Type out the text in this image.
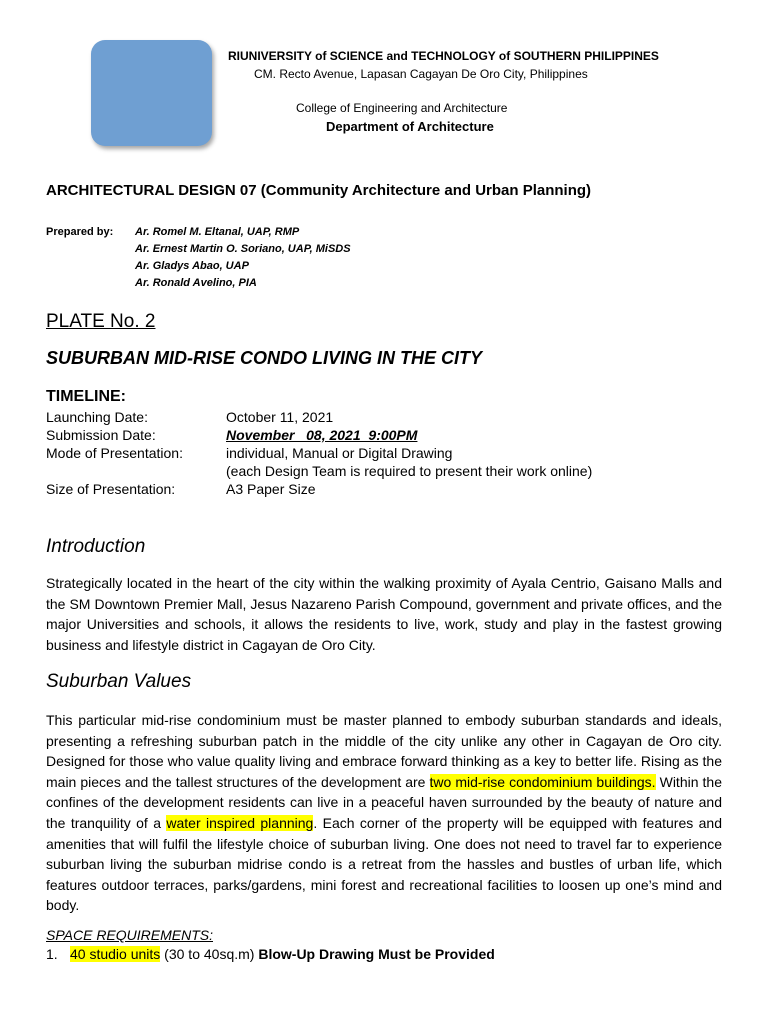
RIUNIVERSITY of SCIENCE and TECHNOLOGY of SOUTHERN PHILIPPINES
CM. Recto Avenue, Lapasan Cagayan De Oro City, Philippines
College of Engineering and Architecture
Department of Architecture
ARCHITECTURAL DESIGN 07 (Community Architecture and Urban Planning)
Prepared by: Ar. Romel M. Eltanal, UAP, RMP
Ar. Ernest Martin O. Soriano, UAP, MiSDS
Ar. Gladys Abao, UAP
Ar. Ronald Avelino, PIA
PLATE No. 2
SUBURBAN MID-RISE CONDO LIVING IN THE CITY
TIMELINE:
Launching Date:	October 11, 2021
Submission Date:	November   08, 2021  9:00PM
Mode of Presentation:	individual, Manual or Digital Drawing
(each Design Team is required to present their work online)
Size of Presentation:	A3 Paper Size
Introduction
Strategically located in the heart of the city within the walking proximity of Ayala Centrio, Gaisano Malls and the SM Downtown Premier Mall, Jesus Nazareno Parish Compound, government and private offices, and the major Universities and schools, it allows the residents to live, work, study and play in the fastest growing business and lifestyle district in Cagayan de Oro City.
Suburban Values
This particular mid-rise condominium must be master planned to embody suburban standards and ideals, presenting a refreshing suburban patch in the middle of the city unlike any other in Cagayan de Oro city. Designed for those who value quality living and embrace forward thinking as a key to better life. Rising as the main pieces and the tallest structures of the development are two mid-rise condominium buildings. Within the confines of the development residents can live in a peaceful haven surrounded by the beauty of nature and the tranquility of a water inspired planning. Each corner of the property will be equipped with features and amenities that will fulfil the lifestyle choice of suburban living. One does not need to travel far to experience suburban living the suburban midrise condo is a retreat from the hassles and bustles of urban life, which features outdoor terraces, parks/gardens, mini forest and recreational facilities to loosen up one’s mind and body.
SPACE REQUIREMENTS:
1. 40 studio units (30 to 40sq.m) Blow-Up Drawing Must be Provided
